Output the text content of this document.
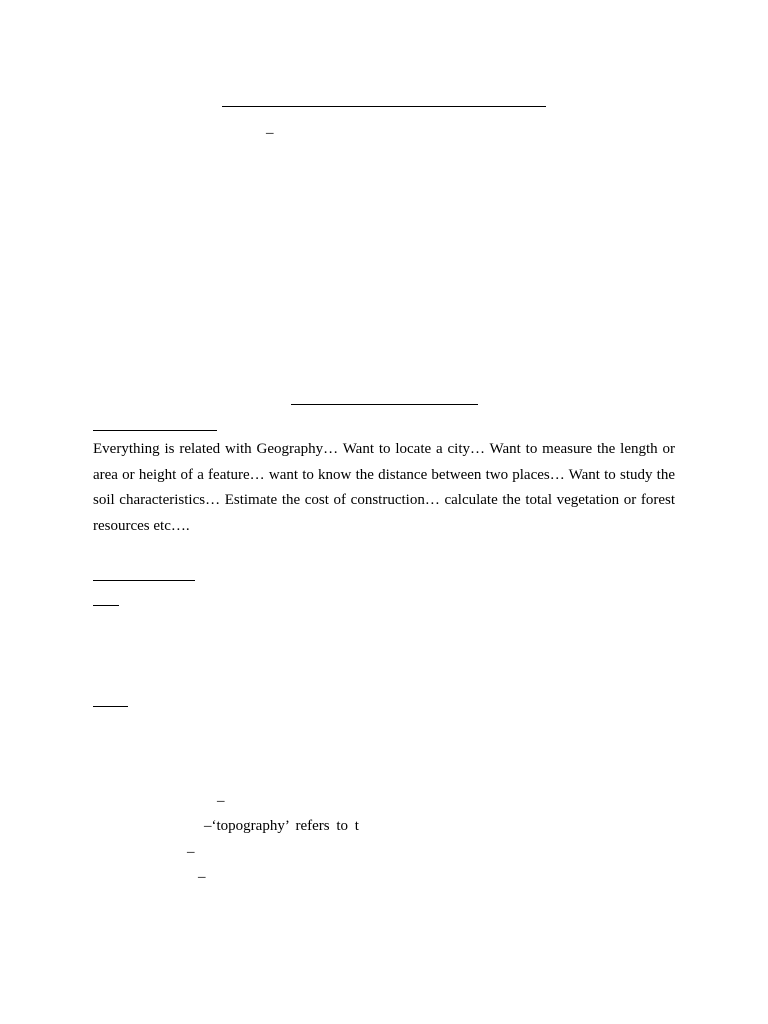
–

Everything is related with Geography… Want to locate a city… Want to measure the length or area or height of a feature… want to know the distance between two places… Want to study the soil characteristics… Estimate the cost of construction… calculate the total vegetation or forest resources etc….

–
–‘topography’ refers to t
–
–
